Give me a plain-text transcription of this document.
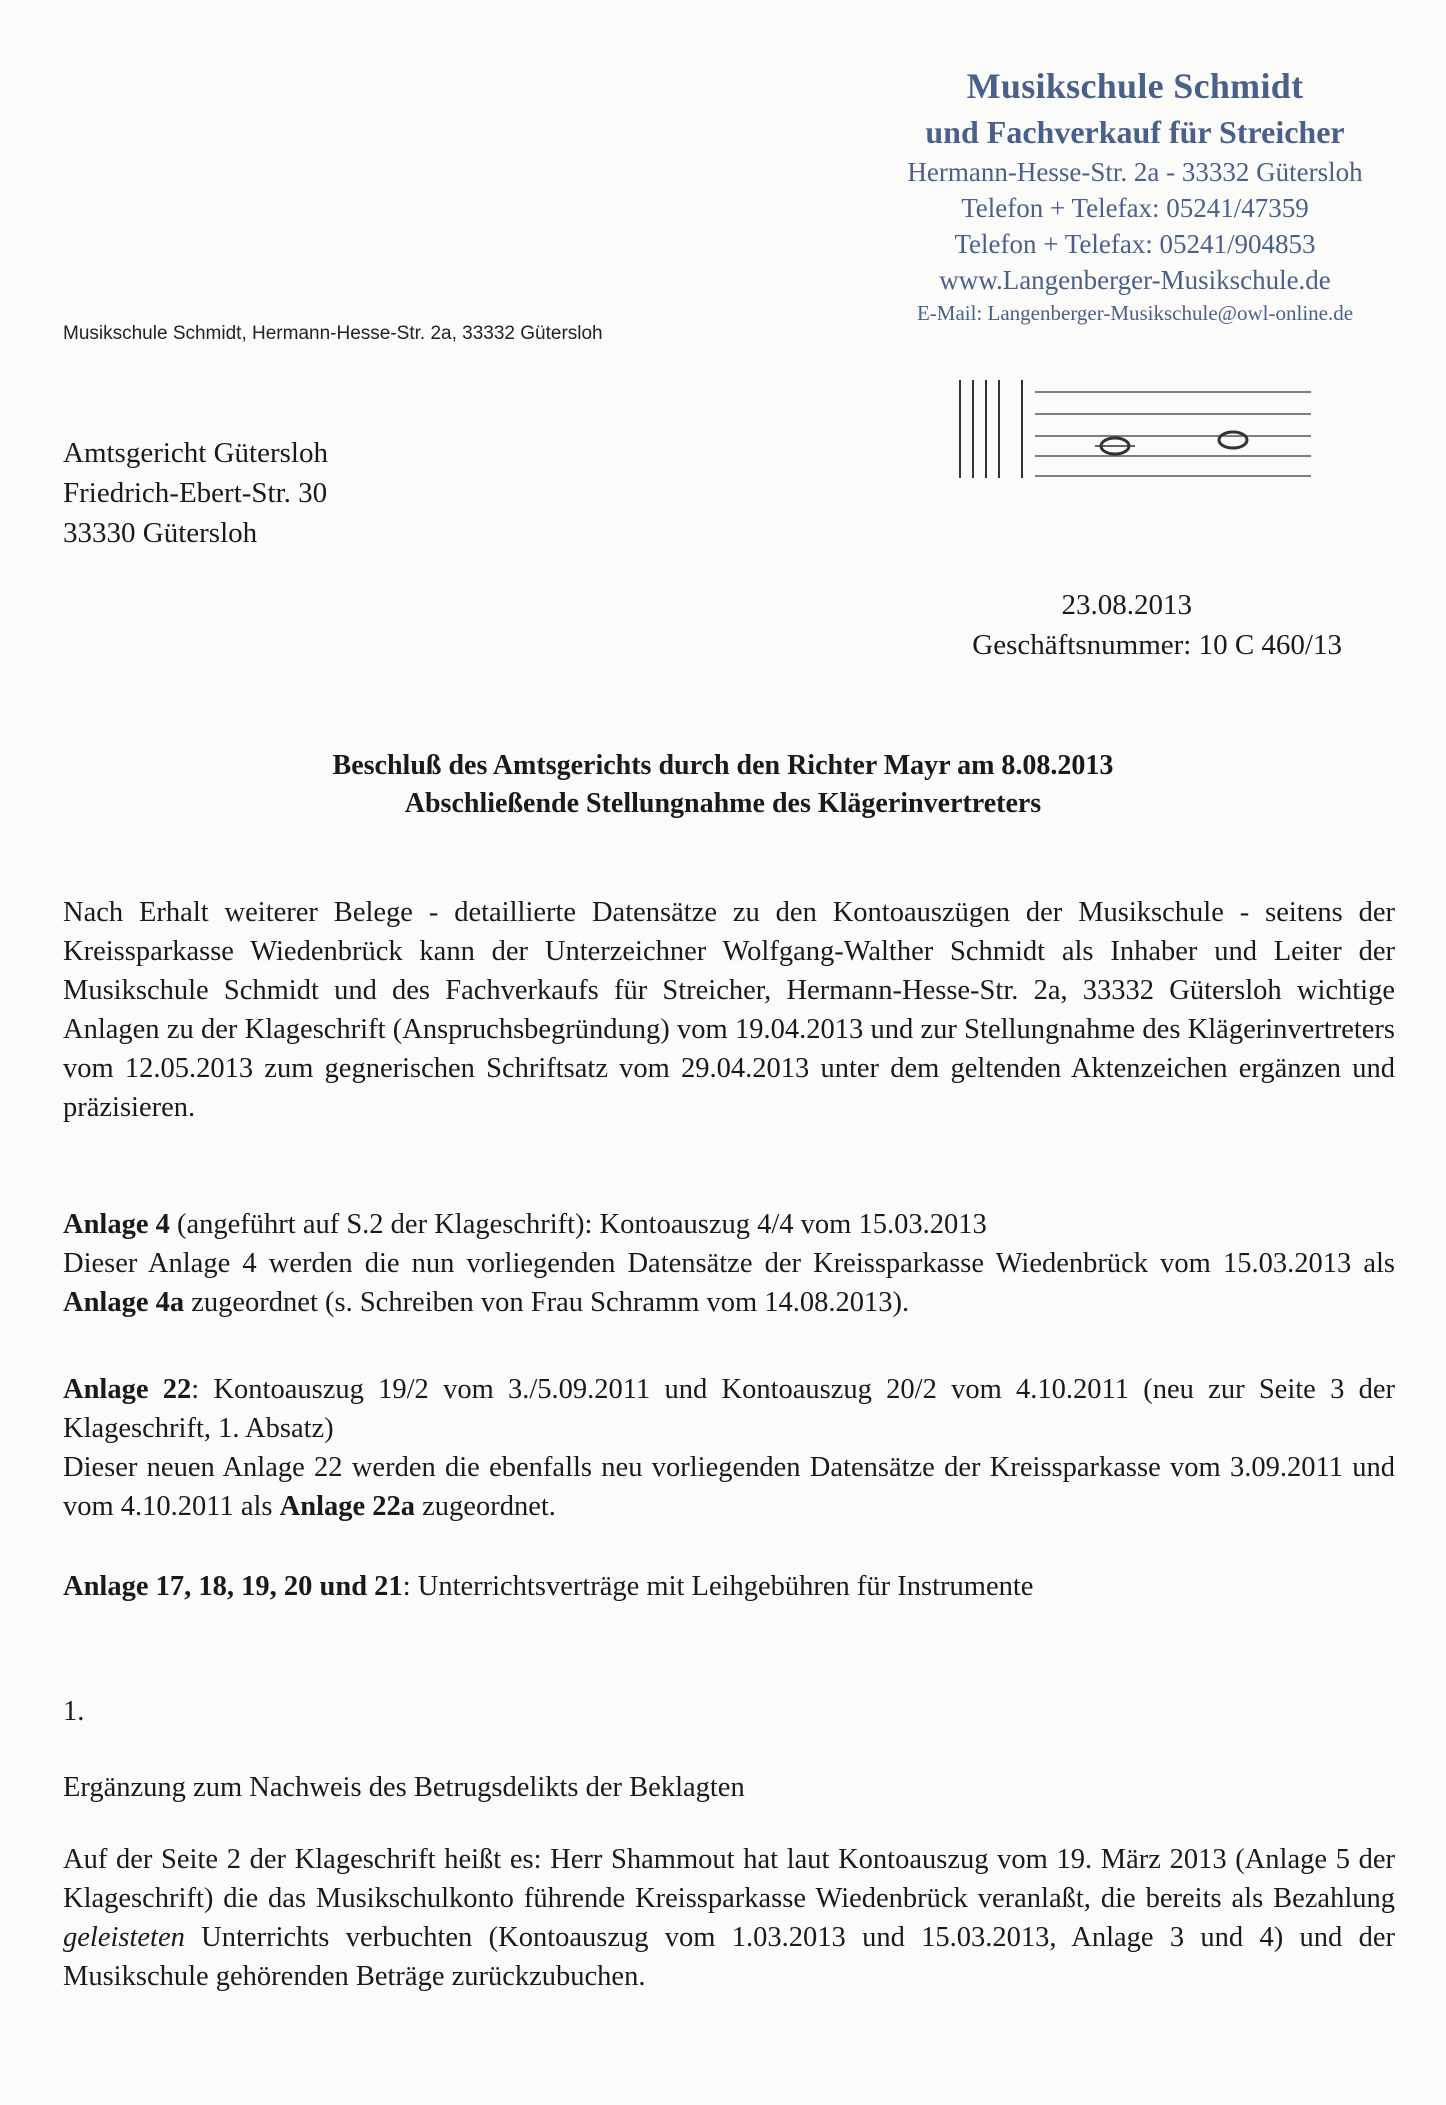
Musikschule Schmidt
und Fachverkauf für Streicher
Hermann-Hesse-Str. 2a - 33332 Gütersloh
Telefon + Telefax: 05241/47359
Telefon + Telefax: 05241/904853
www.Langenberger-Musikschule.de
E-Mail: Langenberger-Musikschule@owl-online.de
Musikschule Schmidt, Hermann-Hesse-Str. 2a, 33332 Gütersloh
Amtsgericht Gütersloh
Friedrich-Ebert-Str. 30
33330 Gütersloh
23.08.2013
Geschäftsnummer: 10 C 460/13
Beschluß des Amtsgerichts durch den Richter Mayr am 8.08.2013
Abschließende Stellungnahme des Klägerinvertreters
Nach Erhalt weiterer Belege - detaillierte Datensätze zu den Kontoauszügen der Musikschule - seitens der Kreissparkasse Wiedenbrück kann der Unterzeichner Wolfgang-Walther Schmidt als Inhaber und Leiter der Musikschule Schmidt und des Fachverkaufs für Streicher, Hermann-Hesse-Str. 2a, 33332 Gütersloh wichtige Anlagen zu der Klageschrift (Anspruchsbegründung) vom 19.04.2013 und zur Stellungnahme des Klägerinvertreters vom 12.05.2013 zum gegnerischen Schriftsatz vom 29.04.2013 unter dem geltenden Aktenzeichen ergänzen und präzisieren.
Anlage 4 (angeführt auf S.2 der Klageschrift): Kontoauszug 4/4 vom 15.03.2013
Dieser Anlage 4 werden die nun vorliegenden Datensätze der Kreissparkasse Wiedenbrück vom 15.03.2013 als Anlage 4a zugeordnet (s. Schreiben von Frau Schramm vom 14.08.2013).
Anlage 22: Kontoauszug 19/2 vom 3./5.09.2011 und Kontoauszug 20/2 vom 4.10.2011 (neu zur Seite 3 der Klageschrift, 1. Absatz)
Dieser neuen Anlage 22 werden die ebenfalls neu vorliegenden Datensätze der Kreissparkasse vom 3.09.2011 und vom 4.10.2011 als Anlage 22a zugeordnet.
Anlage 17, 18, 19, 20 und 21: Unterrichtsverträge mit Leihgebühren für Instrumente
1.
Ergänzung zum Nachweis des Betrugsdelikts der Beklagten
Auf der Seite 2 der Klageschrift heißt es: Herr Shammout hat laut Kontoauszug vom 19. März 2013 (Anlage 5 der Klageschrift) die das Musikschulkonto führende Kreissparkasse Wiedenbrück veranlaßt, die bereits als Bezahlung geleisteten Unterrichts verbuchten (Kontoauszug vom 1.03.2013 und 15.03.2013, Anlage 3 und 4) und der Musikschule gehörenden Beträge zurückzubuchen.
